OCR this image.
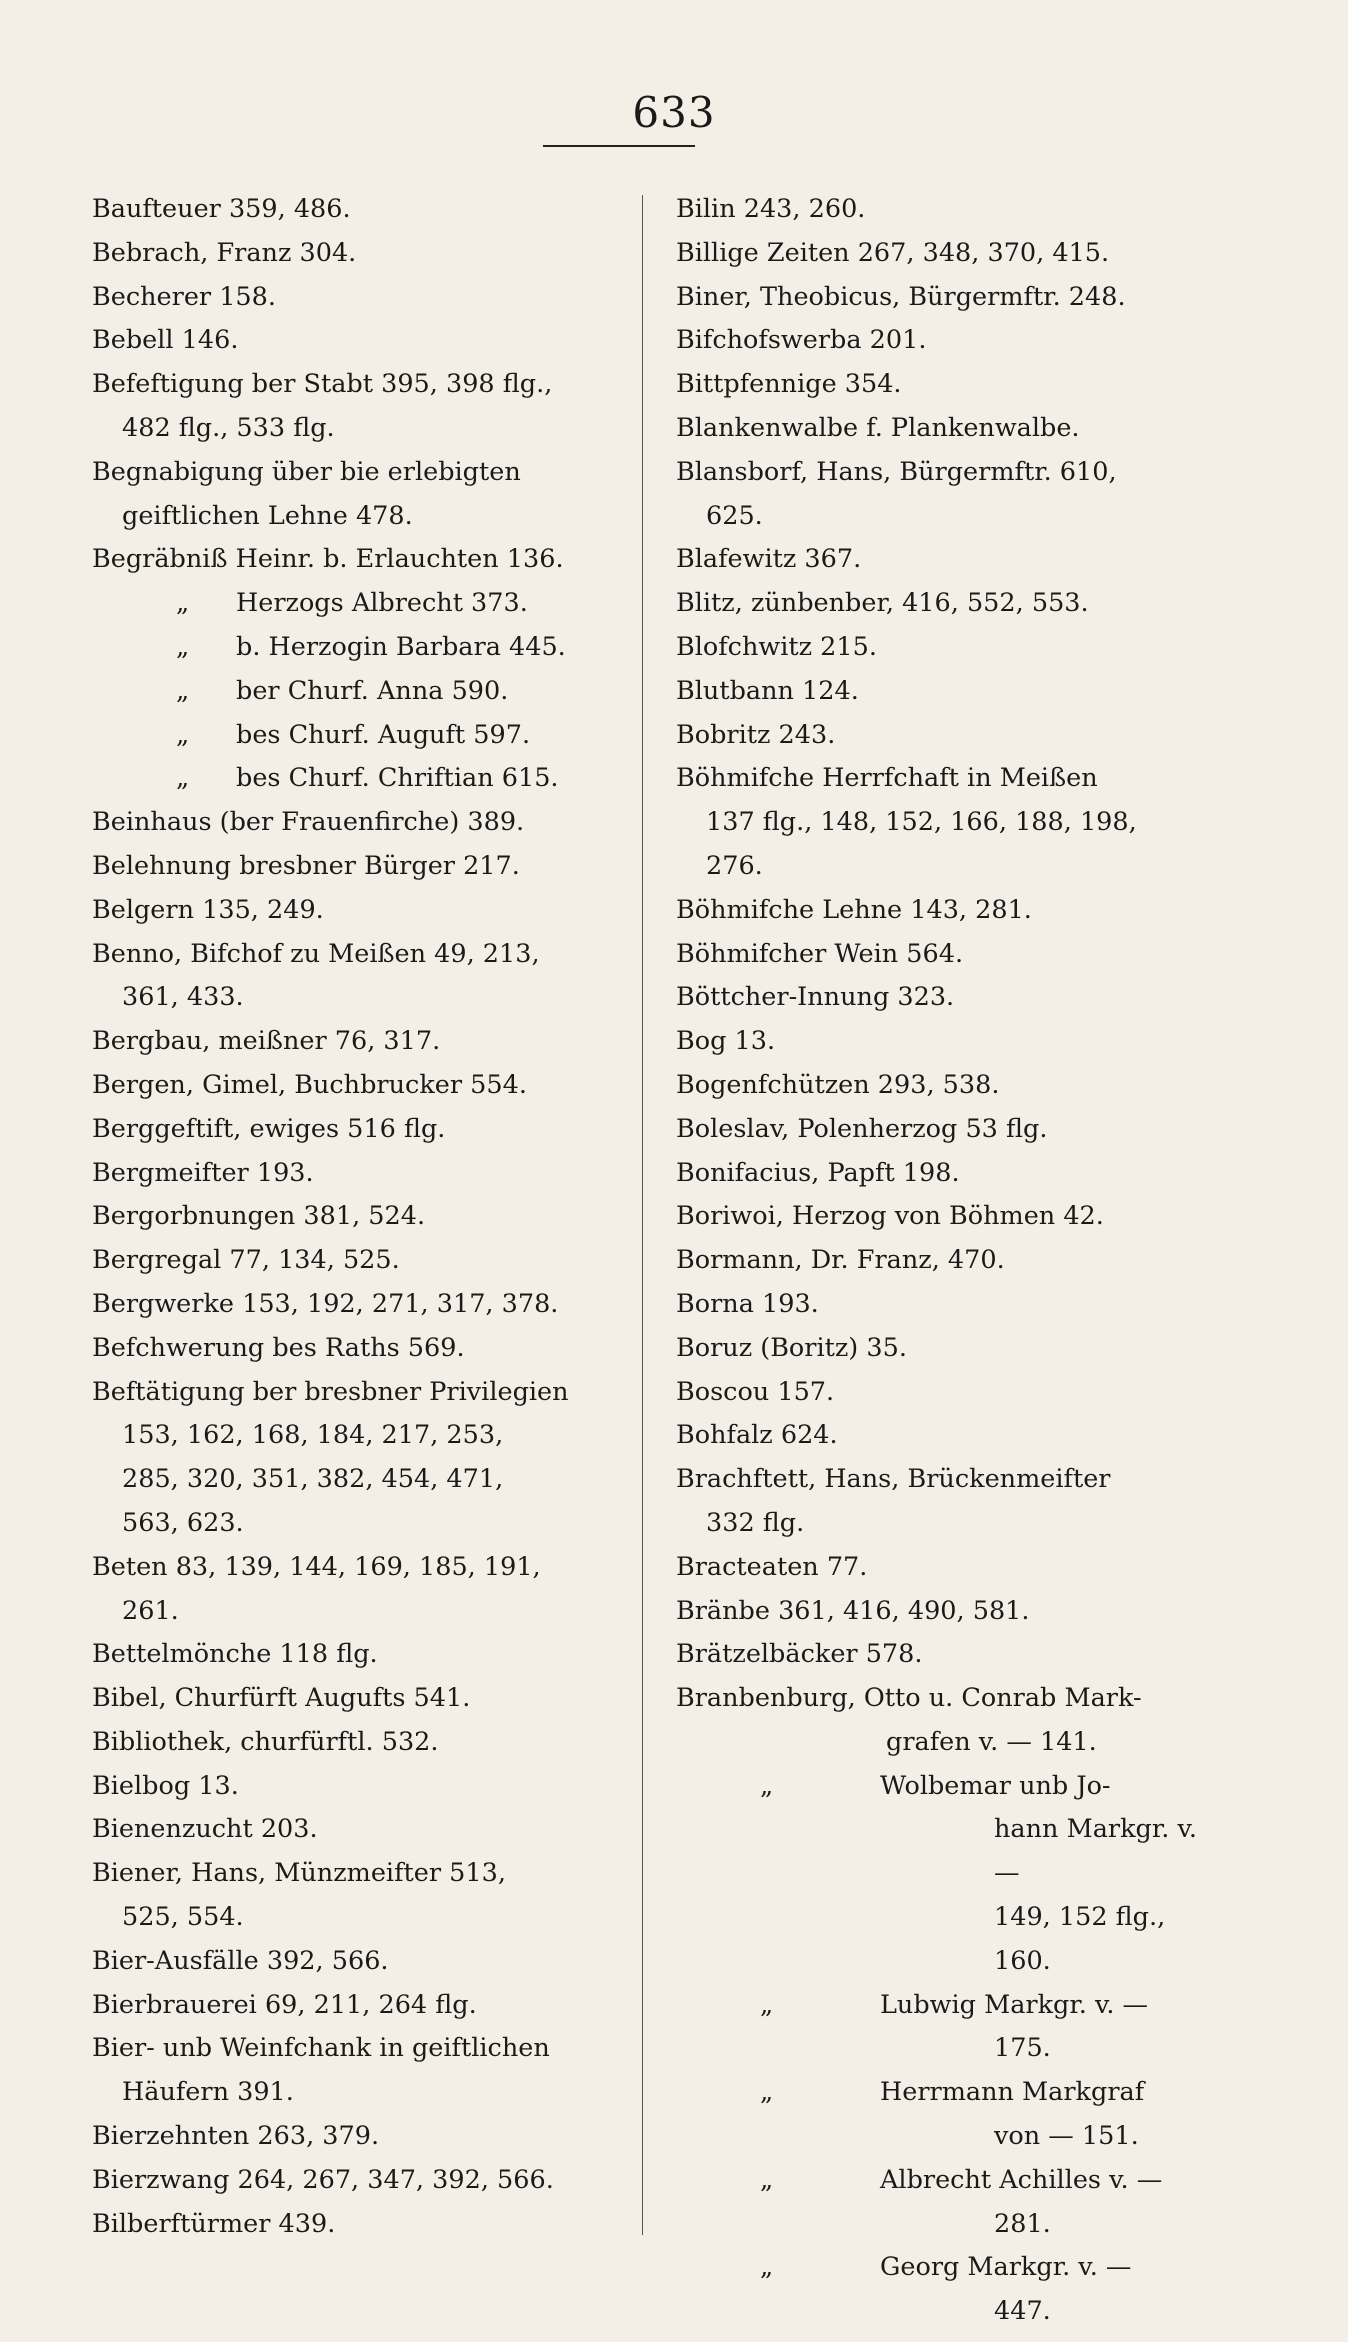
633
Baufteuer 359, 486.
Bebrach, Franz 304.
Becherer 158.
Bebell 146.
Befeftigung ber Stabt 395, 398 flg.,
482 flg., 533 flg.
Begnabigung über bie erlebigten
geiftlichen Lehne 478.
Begräbniß Heinr. b. Erlauchten 136.
„ Herzogs Albrecht 373.
„ b. Herzogin Barbara 445.
„ ber Churf. Anna 590.
„ bes Churf. Auguft 597.
„ bes Churf. Chriftian 615.
Beinhaus (ber Frauenfirche) 389.
Belehnung bresbner Bürger 217.
Belgern 135, 249.
Benno, Bifchof zu Meißen 49, 213,
361, 433.
Bergbau, meißner 76, 317.
Bergen, Gimel, Buchbrucker 554.
Berggeftift, ewiges 516 flg.
Bergmeifter 193.
Bergorbnungen 381, 524.
Bergregal 77, 134, 525.
Bergwerke 153, 192, 271, 317, 378.
Befchwerung bes Raths 569.
Beftätigung ber bresbner Privilegien
153, 162, 168, 184, 217, 253,
285, 320, 351, 382, 454, 471,
563, 623.
Beten 83, 139, 144, 169, 185, 191,
261.
Bettelmönche 118 flg.
Bibel, Churfürft Augufts 541.
Bibliothek, churfürftl. 532.
Bielbog 13.
Bienenzucht 203.
Biener, Hans, Münzmeifter 513,
525, 554.
Bier-Ausfälle 392, 566.
Bierbrauerei 69, 211, 264 flg.
Bier- unb Weinfchank in geiftlichen
Häufern 391.
Bierzehnten 263, 379.
Bierzwang 264, 267, 347, 392, 566.
Bilberftürmer 439.
Bilin 243, 260.
Billige Zeiten 267, 348, 370, 415.
Biner, Theobicus, Bürgermftr. 248.
Bifchofswerba 201.
Bittpfennige 354.
Blankenwalbe f. Plankenwalbe.
Blansborf, Hans, Bürgermftr. 610,
625.
Blafewitz 367.
Blitz, zünbenber, 416, 552, 553.
Blofchwitz 215.
Blutbann 124.
Bobritz 243.
Böhmifche Herrfchaft in Meißen
137 flg., 148, 152, 166, 188, 198,
276.
Böhmifche Lehne 143, 281.
Böhmifcher Wein 564.
Böttcher-Innung 323.
Bog 13.
Bogenfchützen 293, 538.
Boleslav, Polenherzog 53 flg.
Bonifacius, Papft 198.
Boriwoi, Herzog von Böhmen 42.
Bormann, Dr. Franz, 470.
Borna 193.
Boruz (Boritz) 35.
Boscou 157.
Bohfalz 624.
Brachftett, Hans, Brückenmeifter
332 flg.
Bracteaten 77.
Bränbe 361, 416, 490, 581.
Brätzelbäcker 578.
Branbenburg, Otto u. Conrab Mark-
grafen v. — 141.
„	Wolbemar unb Jo-
hann Markgr. v. —
149, 152 flg., 160.
„	Lubwig Markgr. v. —
175.
„	Herrmann Markgraf
von — 151.
„	Albrecht Achilles v. —
281.
„	Georg Markgr. v. —
447.
